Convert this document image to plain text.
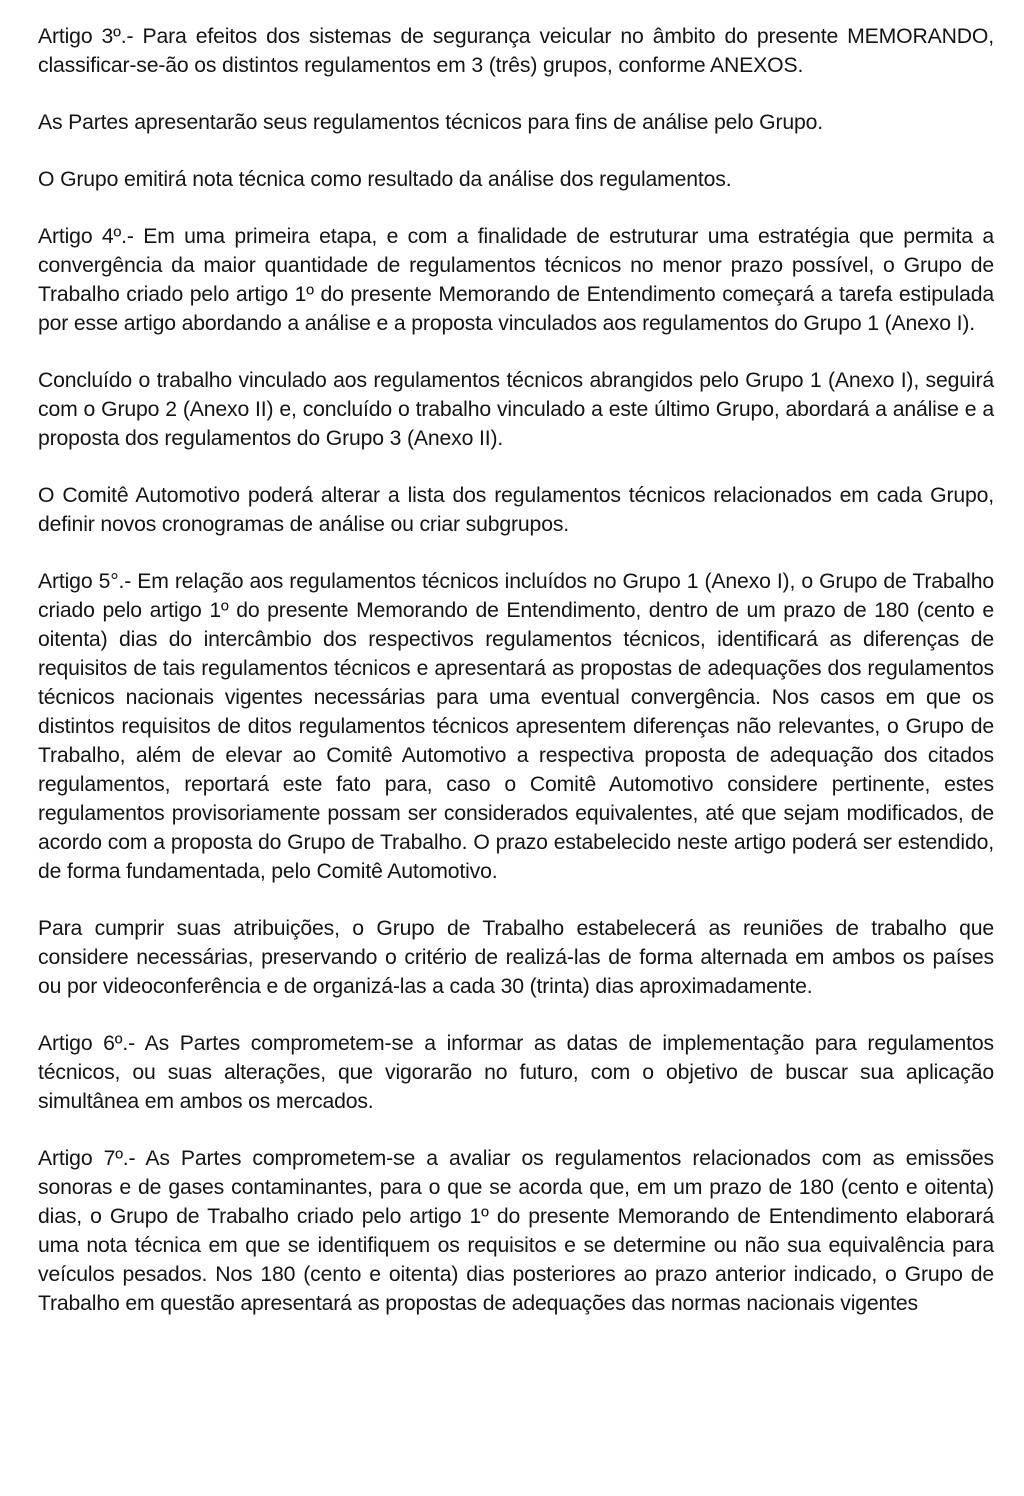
Artigo 3º.- Para efeitos dos sistemas de segurança veicular no âmbito do presente MEMORANDO, classificar-se-ão os distintos regulamentos em 3 (três) grupos, conforme ANEXOS.

As Partes apresentarão seus regulamentos técnicos para fins de análise pelo Grupo.

O Grupo emitirá nota técnica como resultado da análise dos regulamentos.

Artigo 4º.- Em uma primeira etapa, e com a finalidade de estruturar uma estratégia que permita a convergência da maior quantidade de regulamentos técnicos no menor prazo possível, o Grupo de Trabalho criado pelo artigo 1º do presente Memorando de Entendimento começará a tarefa estipulada por esse artigo abordando a análise e a proposta vinculados aos regulamentos do Grupo 1 (Anexo I).

Concluído o trabalho vinculado aos regulamentos técnicos abrangidos pelo Grupo 1 (Anexo I), seguirá com o Grupo 2 (Anexo II) e, concluído o trabalho vinculado a este último Grupo, abordará a análise e a proposta dos regulamentos do Grupo 3 (Anexo II).

O Comitê Automotivo poderá alterar a lista dos regulamentos técnicos relacionados em cada Grupo, definir novos cronogramas de análise ou criar subgrupos.

Artigo 5°.- Em relação aos regulamentos técnicos incluídos no Grupo 1 (Anexo I), o Grupo de Trabalho criado pelo artigo 1º do presente Memorando de Entendimento, dentro de um prazo de 180 (cento e oitenta) dias do intercâmbio dos respectivos regulamentos técnicos, identificará as diferenças de requisitos de tais regulamentos técnicos e apresentará as propostas de adequações dos regulamentos técnicos nacionais vigentes necessárias para uma eventual convergência. Nos casos em que os distintos requisitos de ditos regulamentos técnicos apresentem diferenças não relevantes, o Grupo de Trabalho, além de elevar ao Comitê Automotivo a respectiva proposta de adequação dos citados regulamentos, reportará este fato para, caso o Comitê Automotivo considere pertinente, estes regulamentos provisoriamente possam ser considerados equivalentes, até que sejam modificados, de acordo com a proposta do Grupo de Trabalho. O prazo estabelecido neste artigo poderá ser estendido, de forma fundamentada, pelo Comitê Automotivo.

Para cumprir suas atribuições, o Grupo de Trabalho estabelecerá as reuniões de trabalho que considere necessárias, preservando o critério de realizá-las de forma alternada em ambos os países ou por videoconferência e de organizá-las a cada 30 (trinta) dias aproximadamente.

Artigo 6º.- As Partes comprometem-se a informar as datas de implementação para regulamentos técnicos, ou suas alterações, que vigorarão no futuro, com o objetivo de buscar sua aplicação simultânea em ambos os mercados.

Artigo 7º.- As Partes comprometem-se a avaliar os regulamentos relacionados com as emissões sonoras e de gases contaminantes, para o que se acorda que, em um prazo de 180 (cento e oitenta) dias, o Grupo de Trabalho criado pelo artigo 1º do presente Memorando de Entendimento elaborará uma nota técnica em que se identifiquem os requisitos e se determine ou não sua equivalência para veículos pesados. Nos 180 (cento e oitenta) dias posteriores ao prazo anterior indicado, o Grupo de Trabalho em questão apresentará as propostas de adequações das normas nacionais vigentes
